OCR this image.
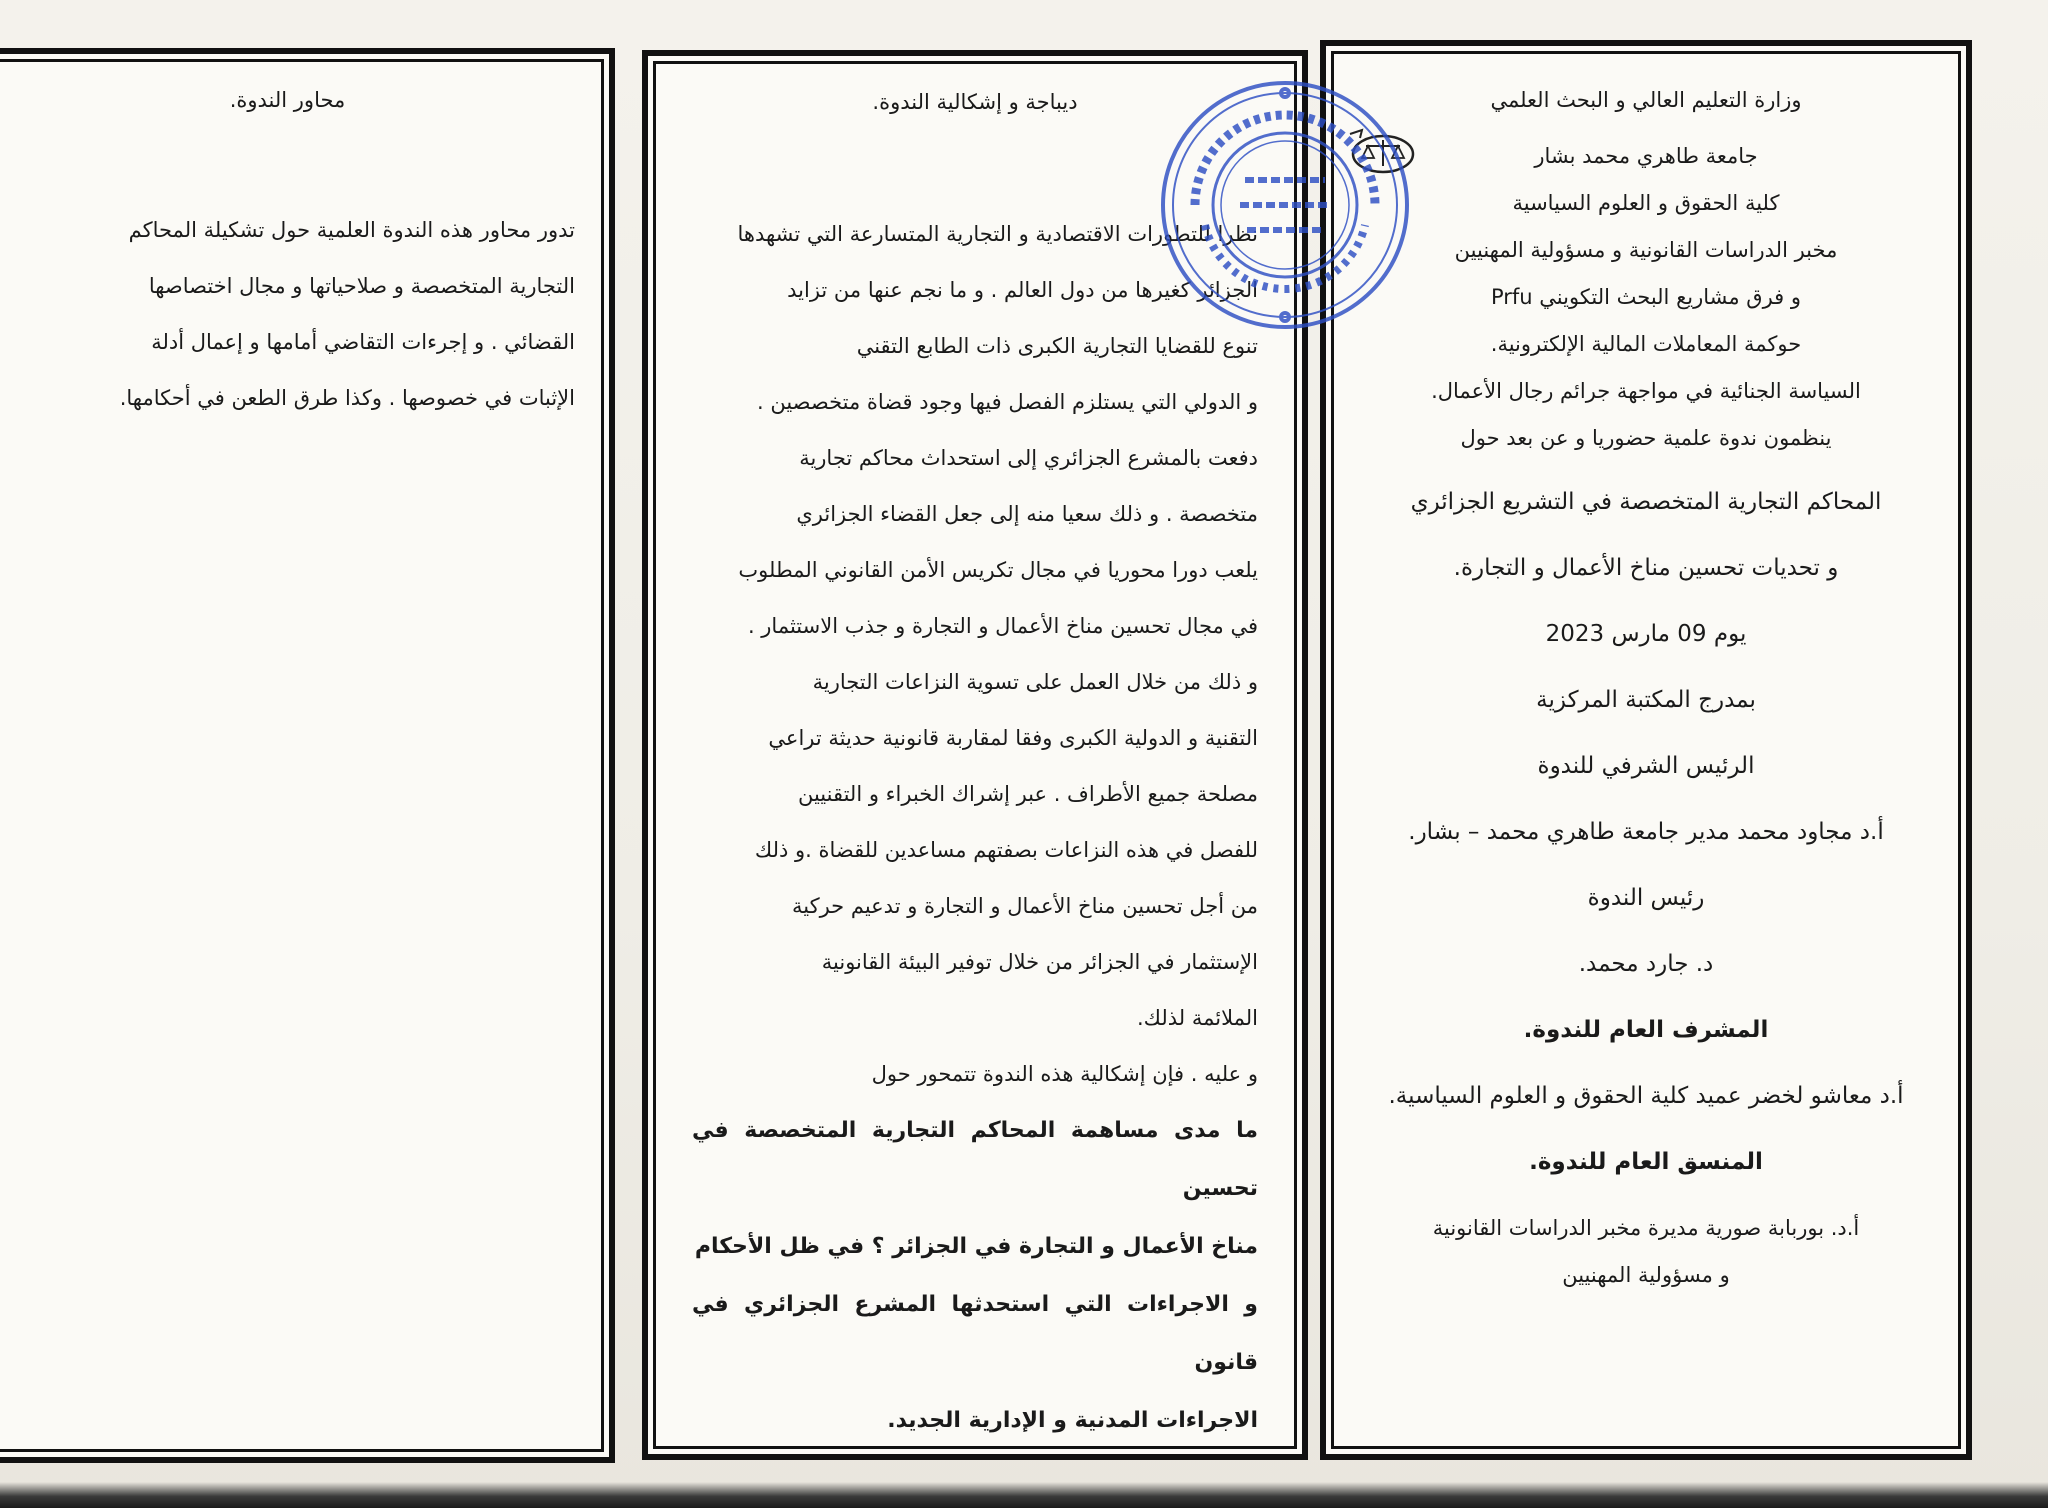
محاور الندوة.
تدور محاور هذه الندوة العلمية حول تشكيلة المحاكم
التجارية المتخصصة و صلاحياتها و مجال اختصاصها
القضائي . و إجرءات التقاضي أمامها و إعمال أدلة
الإثبات في خصوصها . وكذا طرق الطعن في أحكامها.
ديباجة و إشكالية الندوة.

نظرا للتطورات الاقتصادية و التجارية المتسارعة التي تشهدها

الجزائر كغيرها من دول العالم . و ما نجم عنها من تزايد

تنوع للقضايا التجارية الكبرى ذات الطابع التقني

و الدولي التي يستلزم الفصل فيها وجود قضاة متخصصين .

دفعت بالمشرع الجزائري إلى استحداث محاكم تجارية

متخصصة . و ذلك سعيا منه إلى جعل القضاء الجزائري

يلعب دورا محوريا في مجال تكريس الأمن القانوني المطلوب

في مجال تحسين مناخ الأعمال و التجارة و جذب الاستثمار .

و ذلك من خلال العمل على تسوية النزاعات التجارية

التقنية و الدولية الكبرى وفقا لمقاربة قانونية حديثة تراعي

مصلحة جميع الأطراف . عبر إشراك الخبراء و التقنيين

للفصل في هذه النزاعات بصفتهم مساعدين للقضاة .و ذلك

من أجل تحسين مناخ الأعمال و التجارة و تدعيم حركية

الإستثمار في الجزائر من خلال توفير البيئة القانونية

الملائمة لذلك.

و عليه . فإن إشكالية هذه الندوة تتمحور حول

ما مدى مساهمة المحاكم التجارية المتخصصة في تحسين

مناخ الأعمال و التجارة في الجزائر ؟ في ظل الأحكام

و الاجراءات التي استحدثها المشرع الجزائري في قانون

الاجراءات المدنية و الإدارية الجديد.

وزارة التعليم العالي و البحث العلمي
جامعة طاهري محمد بشار
كلية الحقوق و العلوم السياسية
مخبر الدراسات القانونية و مسؤولية المهنيين
و فرق مشاريع البحث التكويني Prfu
حوكمة المعاملات المالية الإلكترونية.
السياسة الجنائية في مواجهة جرائم رجال الأعمال.
ينظمون ندوة علمية حضوريا و عن بعد حول
المحاكم التجارية المتخصصة في التشريع الجزائري
و تحديات تحسين مناخ الأعمال و التجارة.
يوم 09 مارس 2023
بمدرج المكتبة المركزية
الرئيس الشرفي للندوة
أ.د مجاود محمد مدير جامعة طاهري محمد – بشار.
رئيس الندوة
د. جارد محمد.
المشرف العام للندوة.
أ.د معاشو لخضر عميد كلية الحقوق و العلوم السياسية.
المنسق العام للندوة.
أ.د. بوربابة صورية مديرة مخبر الدراسات القانونية
و مسؤولية المهنيين
